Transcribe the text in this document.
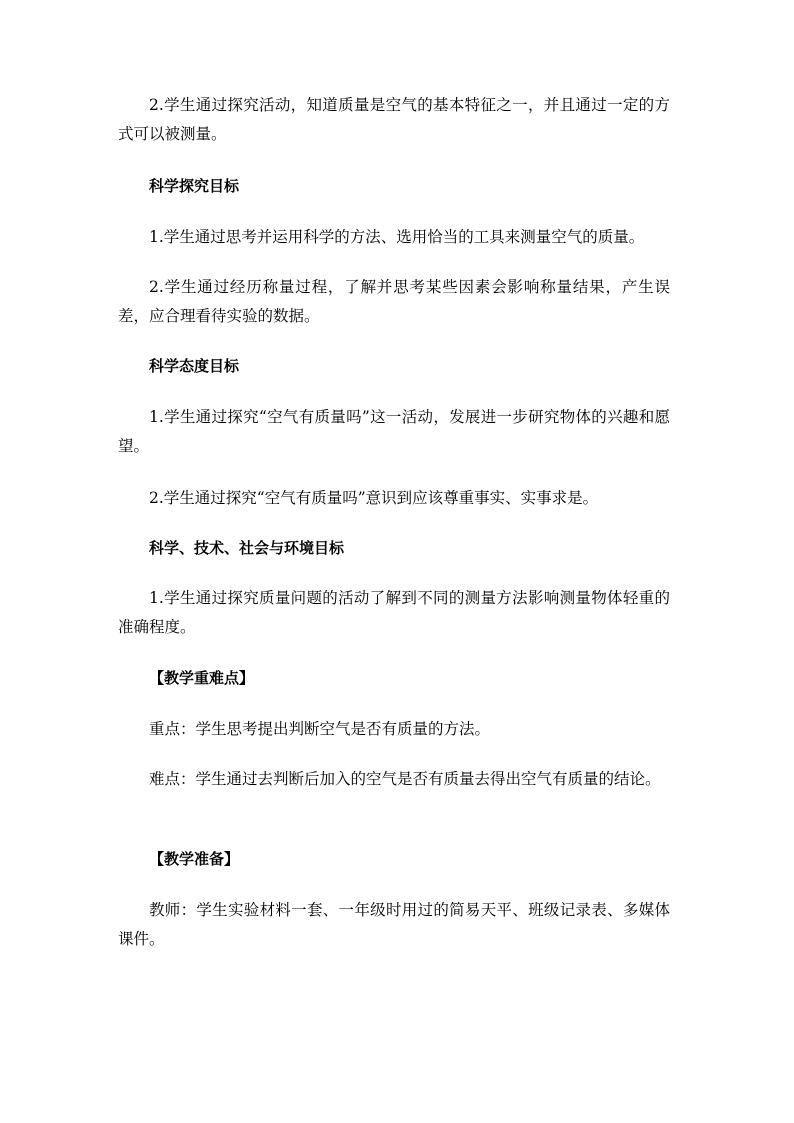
2.学生通过探究活动，知道质量是空气的基本特征之一，并且通过一定的方式可以被测量。

科学探究目标

1.学生通过思考并运用科学的方法、选用恰当的工具来测量空气的质量。

2.学生通过经历称量过程，了解并思考某些因素会影响称量结果，产生误差，应合理看待实验的数据。

科学态度目标

1.学生通过探究“空气有质量吗”这一活动，发展进一步研究物体的兴趣和愿望。

2.学生通过探究“空气有质量吗”意识到应该尊重事实、实事求是。

科学、技术、社会与环境目标

1.学生通过探究质量问题的活动了解到不同的测量方法影响测量物体轻重的准确程度。

【教学重难点】

重点：学生思考提出判断空气是否有质量的方法。

难点：学生通过去判断后加入的空气是否有质量去得出空气有质量的结论。

【教学准备】

教师：学生实验材料一套、一年级时用过的简易天平、班级记录表、多媒体课件。
